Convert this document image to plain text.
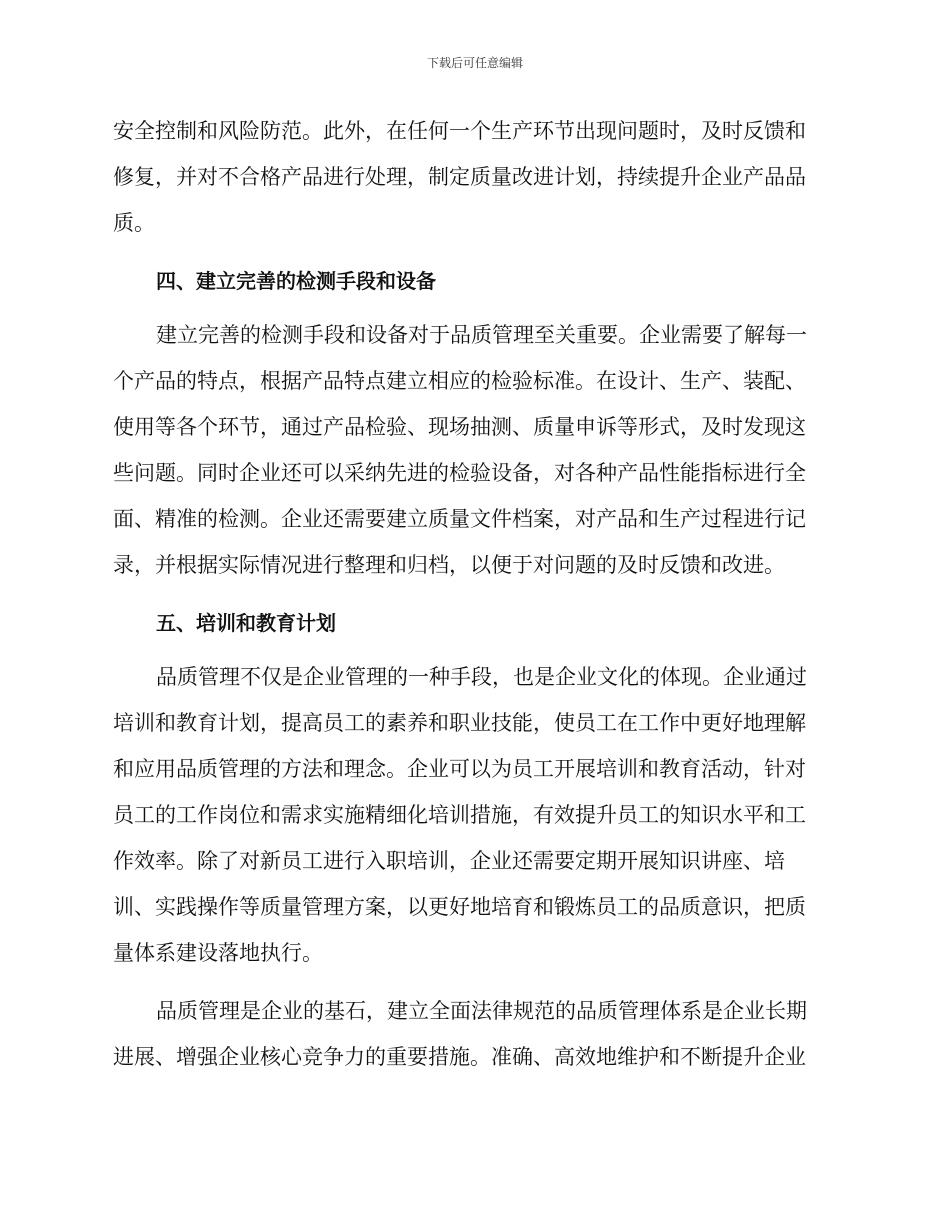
下载后可任意编辑
安全控制和风险防范。此外，在任何一个生产环节出现问题时，及时反馈和
修复，并对不合格产品进行处理，制定质量改进计划，持续提升企业产品品
质。
四、建立完善的检测手段和设备
建立完善的检测手段和设备对于品质管理至关重要。企业需要了解每一
个产品的特点，根据产品特点建立相应的检验标准。在设计、生产、装配、
使用等各个环节，通过产品检验、现场抽测、质量申诉等形式，及时发现这
些问题。同时企业还可以采纳先进的检验设备，对各种产品性能指标进行全
面、精准的检测。企业还需要建立质量文件档案，对产品和生产过程进行记
录，并根据实际情况进行整理和归档，以便于对问题的及时反馈和改进。
五、培训和教育计划
品质管理不仅是企业管理的一种手段，也是企业文化的体现。企业通过
培训和教育计划，提高员工的素养和职业技能，使员工在工作中更好地理解
和应用品质管理的方法和理念。企业可以为员工开展培训和教育活动，针对
员工的工作岗位和需求实施精细化培训措施，有效提升员工的知识水平和工
作效率。除了对新员工进行入职培训，企业还需要定期开展知识讲座、培
训、实践操作等质量管理方案，以更好地培育和锻炼员工的品质意识，把质
量体系建设落地执行。
品质管理是企业的基石，建立全面法律规范的品质管理体系是企业长期
进展、增强企业核心竞争力的重要措施。准确、高效地维护和不断提升企业
